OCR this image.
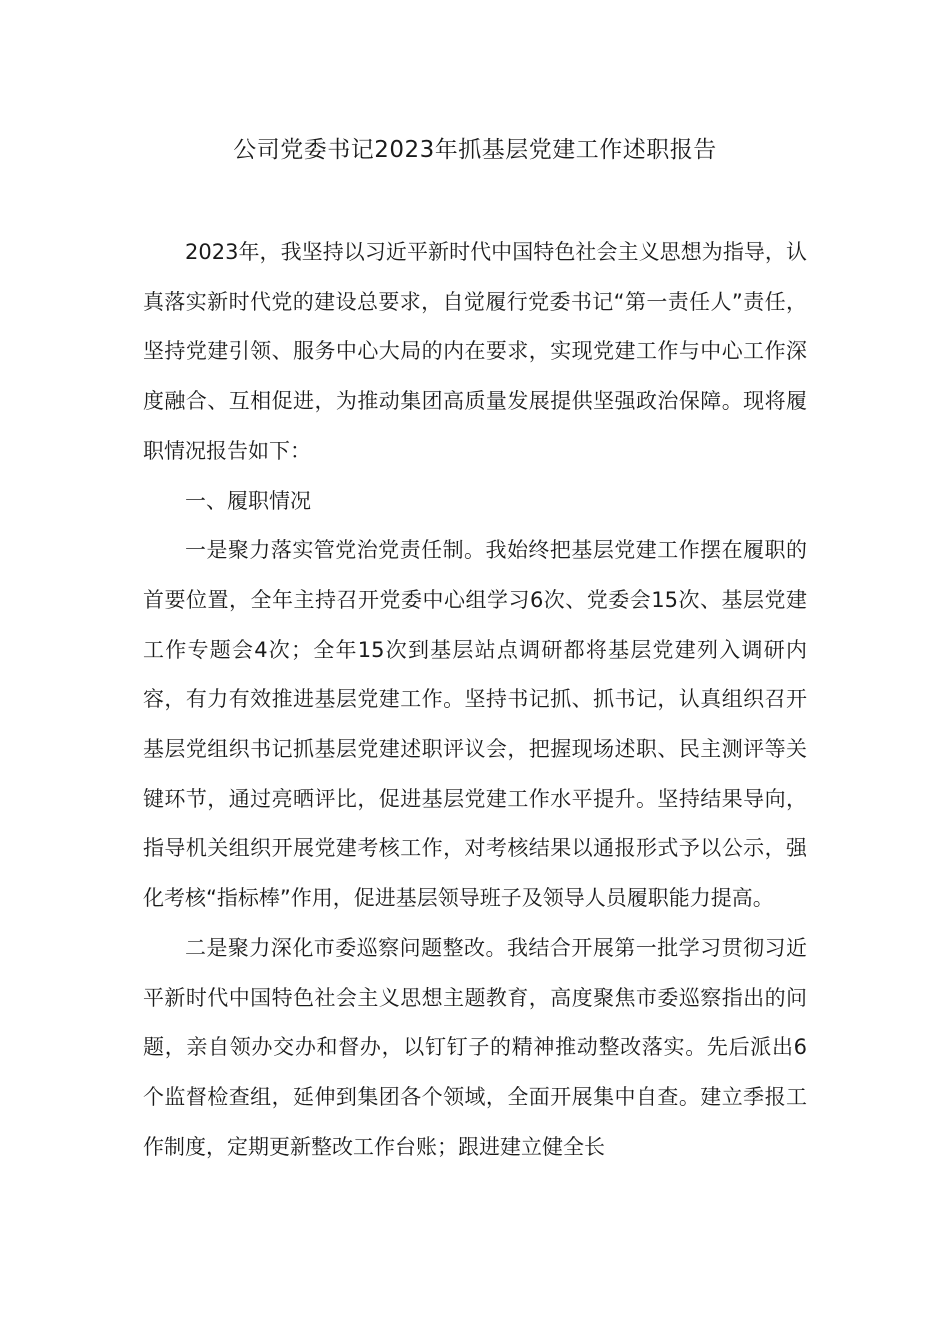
公司党委书记2023年抓基层党建工作述职报告

2023年，我坚持以习近平新时代中国特色社会主义思想为指导，认真落实新时代党的建设总要求，自觉履行党委书记“第一责任人”责任，坚持党建引领、服务中心大局的内在要求，实现党建工作与中心工作深度融合、互相促进，为推动集团高质量发展提供坚强政治保障。现将履职情况报告如下：

一、履职情况

一是聚力落实管党治党责任制。我始终把基层党建工作摆在履职的首要位置，全年主持召开党委中心组学习6次、党委会15次、基层党建工作专题会4次；全年15次到基层站点调研都将基层党建列入调研内容，有力有效推进基层党建工作。坚持书记抓、抓书记，认真组织召开基层党组织书记抓基层党建述职评议会，把握现场述职、民主测评等关键环节，通过亮晒评比，促进基层党建工作水平提升。坚持结果导向，指导机关组织开展党建考核工作，对考核结果以通报形式予以公示，强化考核“指标棒”作用，促进基层领导班子及领导人员履职能力提高。

二是聚力深化市委巡察问题整改。我结合开展第一批学习贯彻习近平新时代中国特色社会主义思想主题教育，高度聚焦市委巡察指出的问题，亲自领办交办和督办，以钉钉子的精神推动整改落实。先后派出6个监督检查组，延伸到集团各个领域，全面开展集中自查。建立季报工作制度，定期更新整改工作台账；跟进建立健全长
